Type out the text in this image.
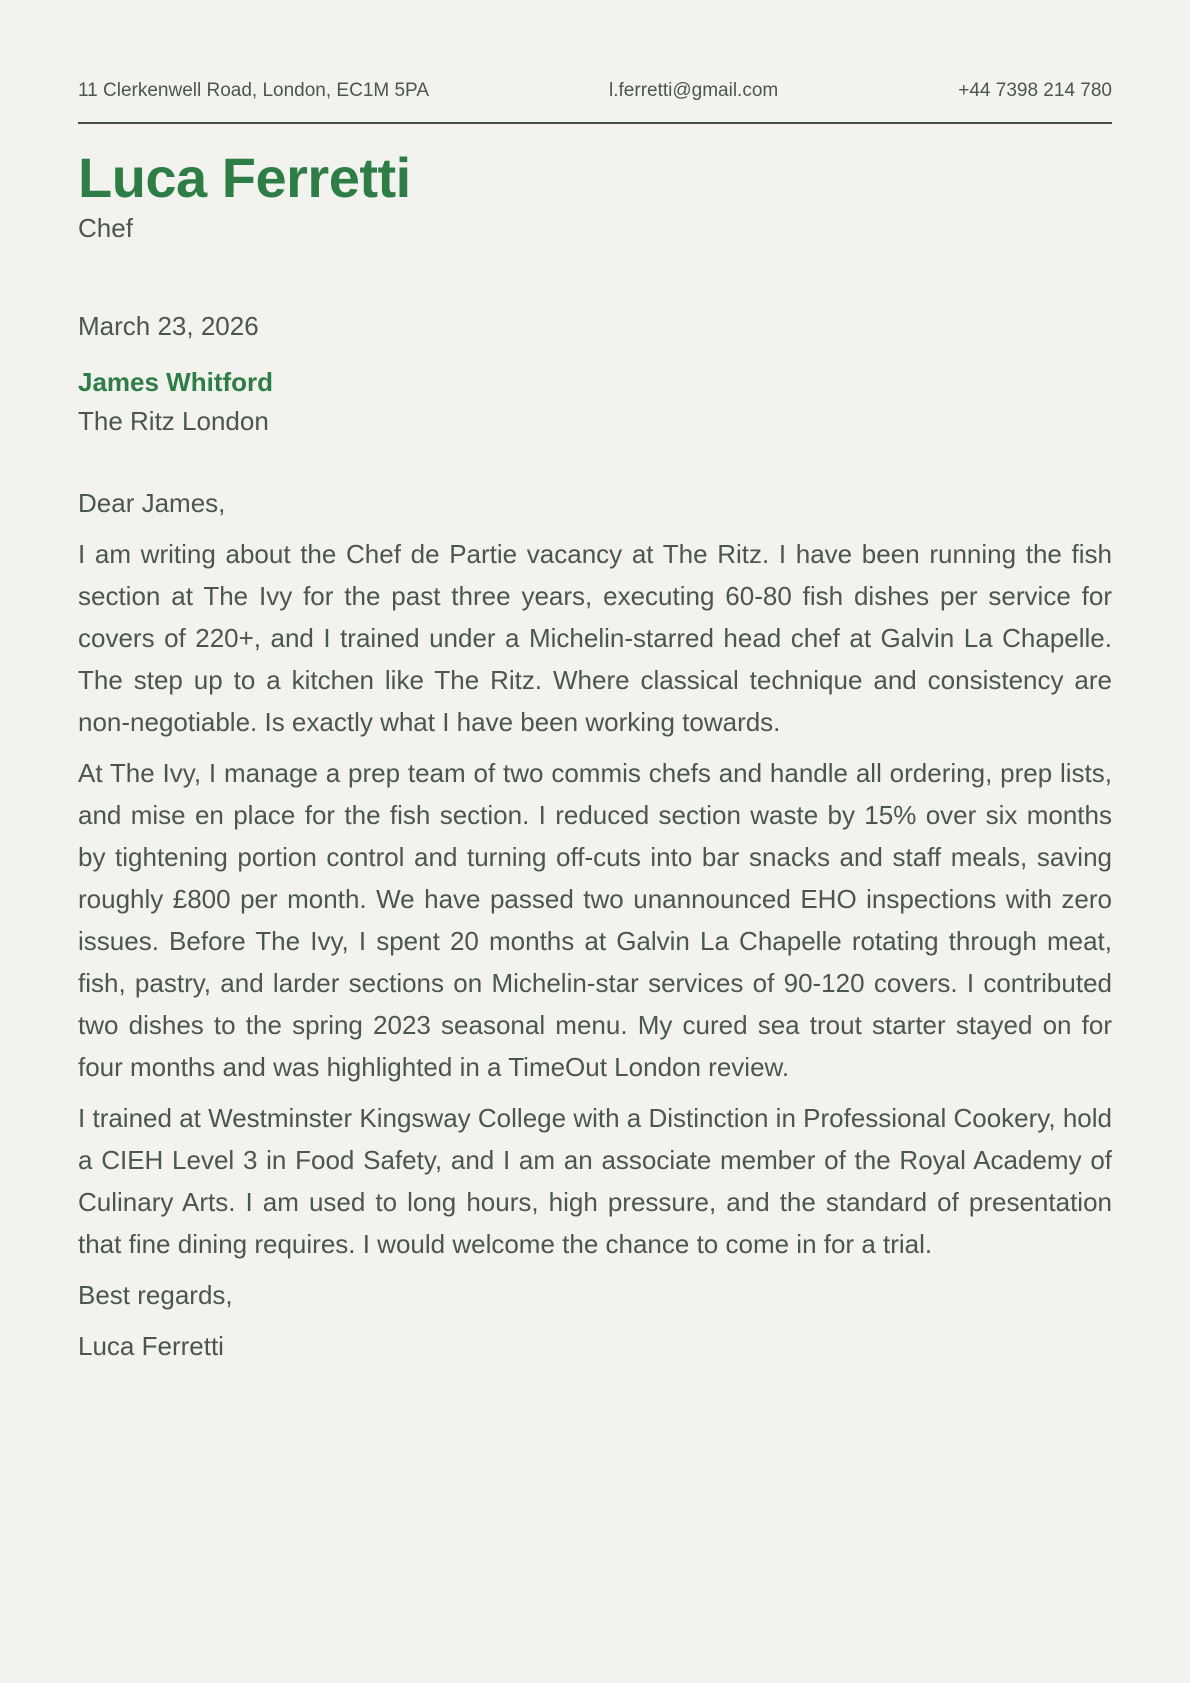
11 Clerkenwell Road, London, EC1M 5PA	l.ferretti@gmail.com	+44 7398 214 780
Luca Ferretti
Chef
March 23, 2026
James Whitford
The Ritz London

Dear James,

I am writing about the Chef de Partie vacancy at The Ritz. I have been running the fish section at The Ivy for the past three years, executing 60-80 fish dishes per service for covers of 220+, and I trained under a Michelin-starred head chef at Galvin La Chapelle. The step up to a kitchen like The Ritz. Where classical technique and consistency are non-negotiable. Is exactly what I have been working towards.

At The Ivy, I manage a prep team of two commis chefs and handle all ordering, prep lists, and mise en place for the fish section. I reduced section waste by 15% over six months by tightening portion control and turning off-cuts into bar snacks and staff meals, saving roughly £800 per month. We have passed two unannounced EHO inspections with zero issues. Before The Ivy, I spent 20 months at Galvin La Chapelle rotating through meat, fish, pastry, and larder sections on Michelin-star services of 90-120 covers. I contributed two dishes to the spring 2023 seasonal menu. My cured sea trout starter stayed on for four months and was highlighted in a TimeOut London review.

I trained at Westminster Kingsway College with a Distinction in Professional Cookery, hold a CIEH Level 3 in Food Safety, and I am an associate member of the Royal Academy of Culinary Arts. I am used to long hours, high pressure, and the standard of presentation that fine dining requires. I would welcome the chance to come in for a trial.

Best regards,

Luca Ferretti
